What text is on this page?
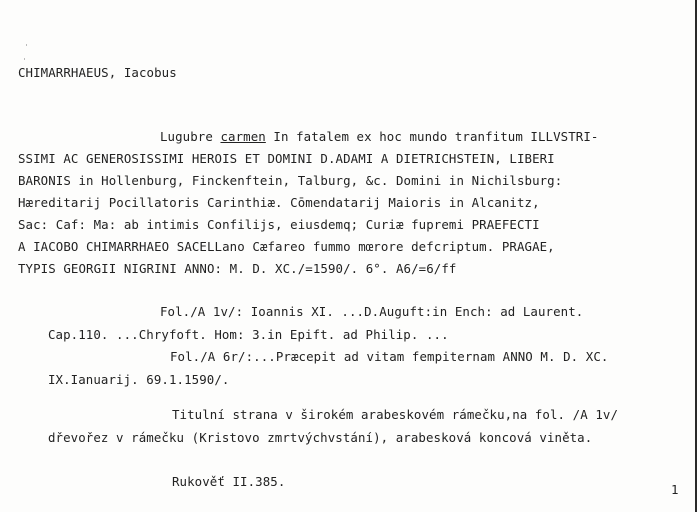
CHIMARRHAEUS, Iacobus
Lugubre carmen In fatalem ex hoc mundo tranfitum ILLVSTRI-
SSIMI AC GENEROSISSIMI HEROIS ET DOMINI D.ADAMI A DIETRICHSTEIN, LIBERI
BARONIS in Hollenburg, Finckenftein, Talburg, &c. Domini in Nichilsburg:
Hæreditarij Pocillatoris Carinthiæ. Cōmendatarij Maioris in Alcanitz,
Sac: Caf: Ma: ab intimis Confilijs, eiusdemq; Curiæ fupremi PRAEFECTI
A IACOBO CHIMARRHAEO SACELLano Cæfareo fummo mœrore defcriptum. PRAGAE,
TYPIS GEORGII NIGRINI ANNO: M. D. XC./=1590/. 6°. A6/=6/ff
Fol./A 1v/: Ioannis XI. ...D.Auguft:in Ench: ad Laurent.
Cap.110. ...Chryfoft. Hom: 3.in Epift. ad Philip. ...
Fol./A 6r/:...Præcepit ad vitam fempiternam ANNO M. D. XC.
IX.Ianuarij. 69.1.1590/.
Titulní strana v širokém arabeskovém rámečku,na fol. /A 1v/
dřevořez v rámečku (Kristovo zmrtvýchvstání), arabesková koncová viněta.
Rukověť II.385.
1
